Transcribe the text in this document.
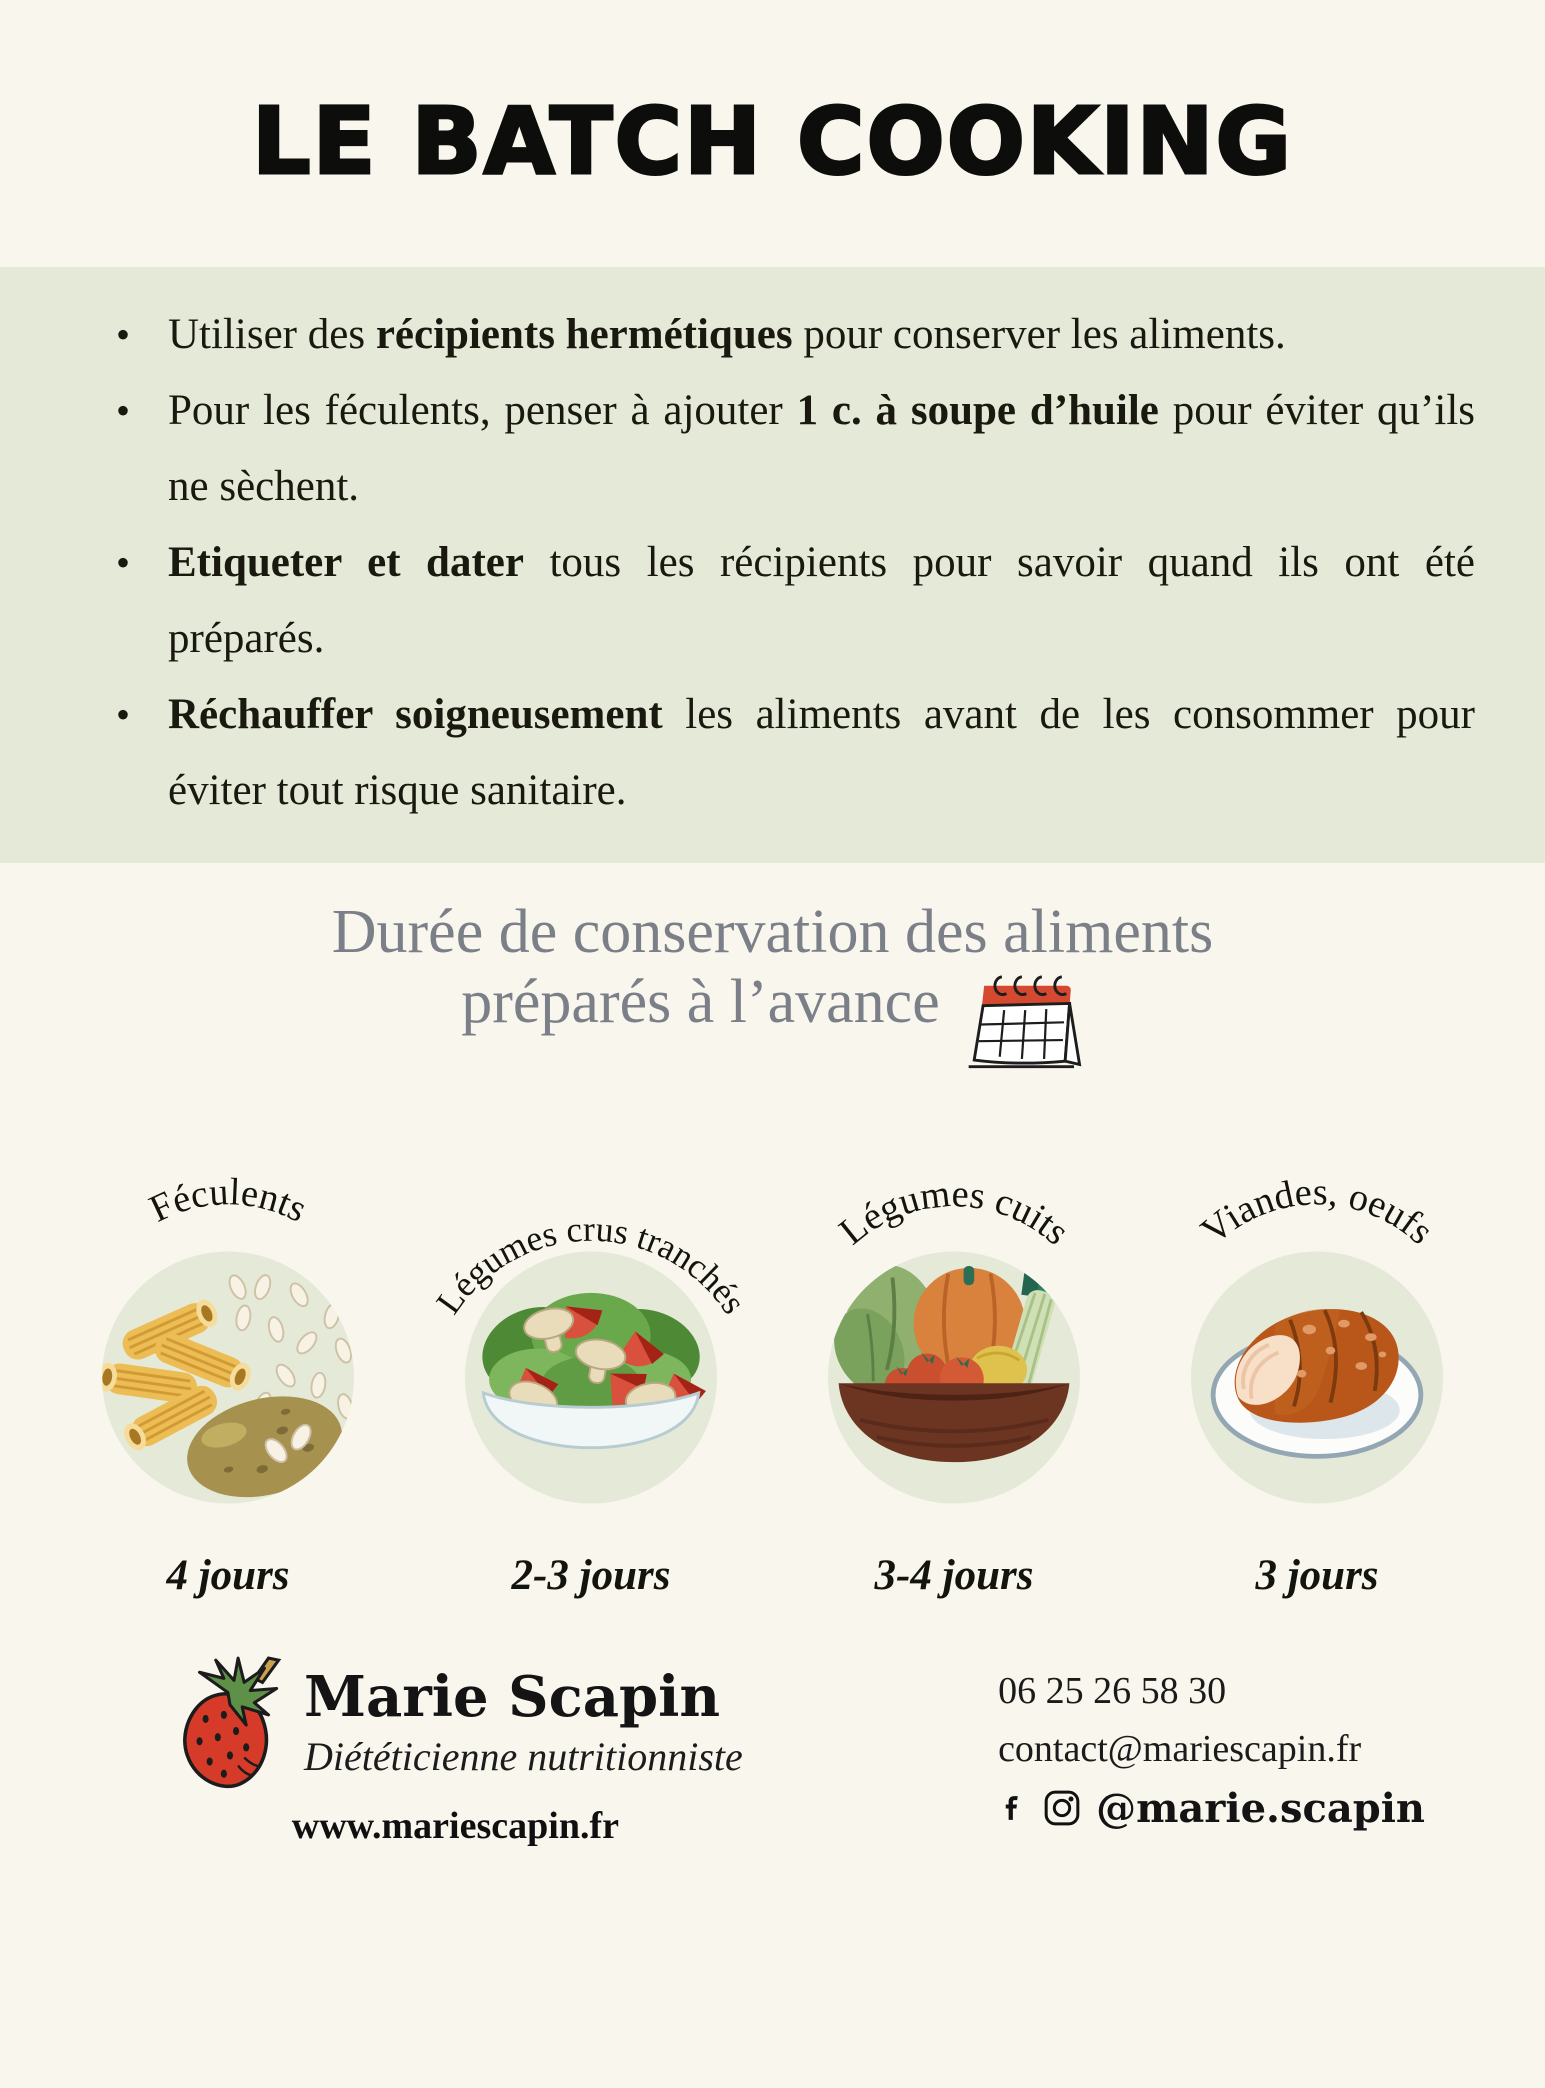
LE BATCH COOKING
• Utiliser des récipients hermétiques pour conserver les aliments.
• Pour les féculents, penser à ajouter 1 c. à soupe d’huile pour éviter qu’ils ne sèchent.
• Etiqueter et dater tous les récipients pour savoir quand ils ont été préparés.
• Réchauffer soigneusement les aliments avant de les consommer pour éviter tout risque sanitaire.
Durée de conservation des aliments
préparés à l’avance
Féculents
4 jours
Légumes crus tranchés
2-3 jours
Légumes cuits
3-4 jours
Viandes, oeufs
3 jours
Marie Scapin
Diététicienne nutritionniste
www.mariescapin.fr
06 25 26 58 30
contact@mariescapin.fr
@marie.scapin
